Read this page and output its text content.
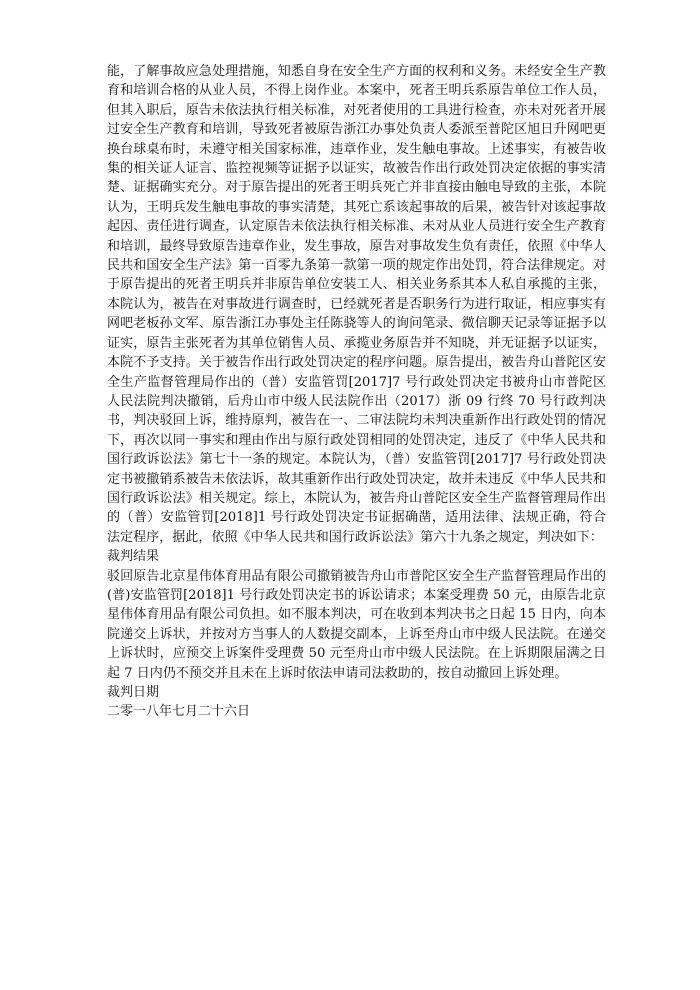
能，了解事故应急处理措施，知悉自身在安全生产方面的权利和义务。未经安全生产教育和培训合格的从业人员，不得上岗作业。本案中，死者王明兵系原告单位工作人员，但其入职后，原告未依法执行相关标准，对死者使用的工具进行检查，亦未对死者开展过安全生产教育和培训，导致死者被原告浙江办事处负责人委派至普陀区旭日升网吧更换台球桌布时，未遵守相关国家标准，违章作业，发生触电事故。上述事实，有被告收集的相关证人证言、监控视频等证据予以证实，故被告作出行政处罚决定依据的事实清楚、证据确实充分。对于原告提出的死者王明兵死亡并非直接由触电导致的主张，本院认为，王明兵发生触电事故的事实清楚，其死亡系该起事故的后果，被告针对该起事故起因、责任进行调查，认定原告未依法执行相关标准、未对从业人员进行安全生产教育和培训，最终导致原告违章作业，发生事故，原告对事故发生负有责任，依照《中华人民共和国安全生产法》第一百零九条第一款第一项的规定作出处罚，符合法律规定。对于原告提出的死者王明兵并非原告单位安装工人、相关业务系其本人私自承揽的主张，本院认为，被告在对事故进行调查时，已经就死者是否职务行为进行取证，相应事实有网吧老板孙文军、原告浙江办事处主任陈骁等人的询问笔录、微信聊天记录等证据予以证实，原告主张死者为其单位销售人员、承揽业务原告并不知晓，并无证据予以证实，本院不予支持。关于被告作出行政处罚决定的程序问题。原告提出，被告舟山普陀区安全生产监督管理局作出的（普）安监管罚[2017]7 号行政处罚决定书被舟山市普陀区人民法院判决撤销，后舟山市中级人民法院作出（2017）浙 09 行终 70 号行政判决书，判决驳回上诉，维持原判，被告在一、二审法院均未判决重新作出行政处罚的情况下，再次以同一事实和理由作出与原行政处罚相同的处罚决定，违反了《中华人民共和国行政诉讼法》第七十一条的规定。本院认为，（普）安监管罚[2017]7 号行政处罚决定书被撤销系被告未依法诉，故其重新作出行政处罚决定，故并未违反《中华人民共和国行政诉讼法》相关规定。综上，本院认为，被告舟山普陀区安全生产监督管理局作出的（普）安监管罚[2018]1 号行政处罚决定书证据确凿，适用法律、法规正确，符合法定程序，据此，依照《中华人民共和国行政诉讼法》第六十九条之规定，判决如下：

裁判结果

驳回原告北京星伟体育用品有限公司撤销被告舟山市普陀区安全生产监督管理局作出的(普)安监管罚[2018]1 号行政处罚决定书的诉讼请求；本案受理费 50 元，由原告北京星伟体育用品有限公司负担。如不服本判决，可在收到本判决书之日起 15 日内，向本院递交上诉状，并按对方当事人的人数提交副本，上诉至舟山市中级人民法院。在递交上诉状时，应预交上诉案件受理费 50 元至舟山市中级人民法院。在上诉期限届满之日起 7 日内仍不预交并且未在上诉时依法申请司法救助的，按自动撤回上诉处理。

裁判日期

二零一八年七月二十六日
